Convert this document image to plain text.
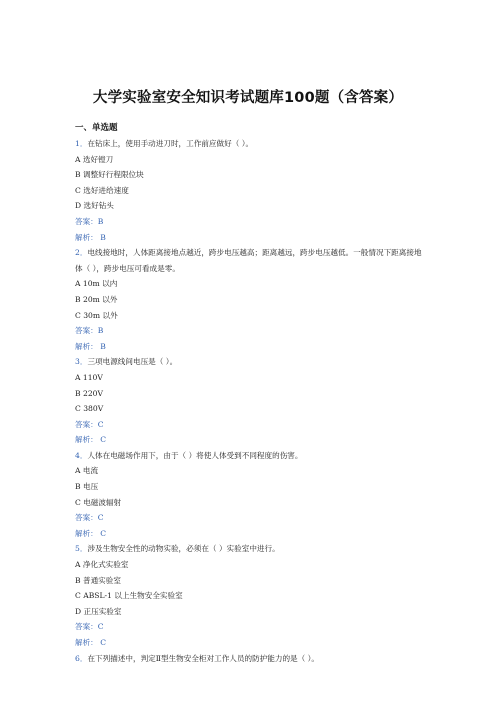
大学实验室安全知识考试题库100题（含答案）
一、单选题
1．在钻床上，使用手动进刀时，工作前应做好（ ）。
A 选好镗刀
B 调整好行程限位块
C 选好进给速度
D 选好钻头
答案：B
解析： B
2．电线接地时，人体距离接地点越近，跨步电压越高；距离越远，跨步电压越低。一般情况下距离接地体（ ），跨步电压可看成是零。
A 10m 以内
B 20m 以外
C 30m 以外
答案：B
解析： B
3．三项电源线间电压是（ ）。
A 110V
B 220V
C 380V
答案：C
解析： C
4．人体在电磁场作用下，由于（ ）将使人体受到不同程度的伤害。
A 电流
B 电压
C 电磁波辐射
答案：C
解析： C
5．涉及生物安全性的动物实验，必须在（ ）实验室中进行。
A 净化式实验室
B 普通实验室
C ABSL-1 以上生物安全实验室
D 正压实验室
答案：C
解析： C
6．在下列描述中，判定Ⅱ型生物安全柜对工作人员的防护能力的是（ ）。
